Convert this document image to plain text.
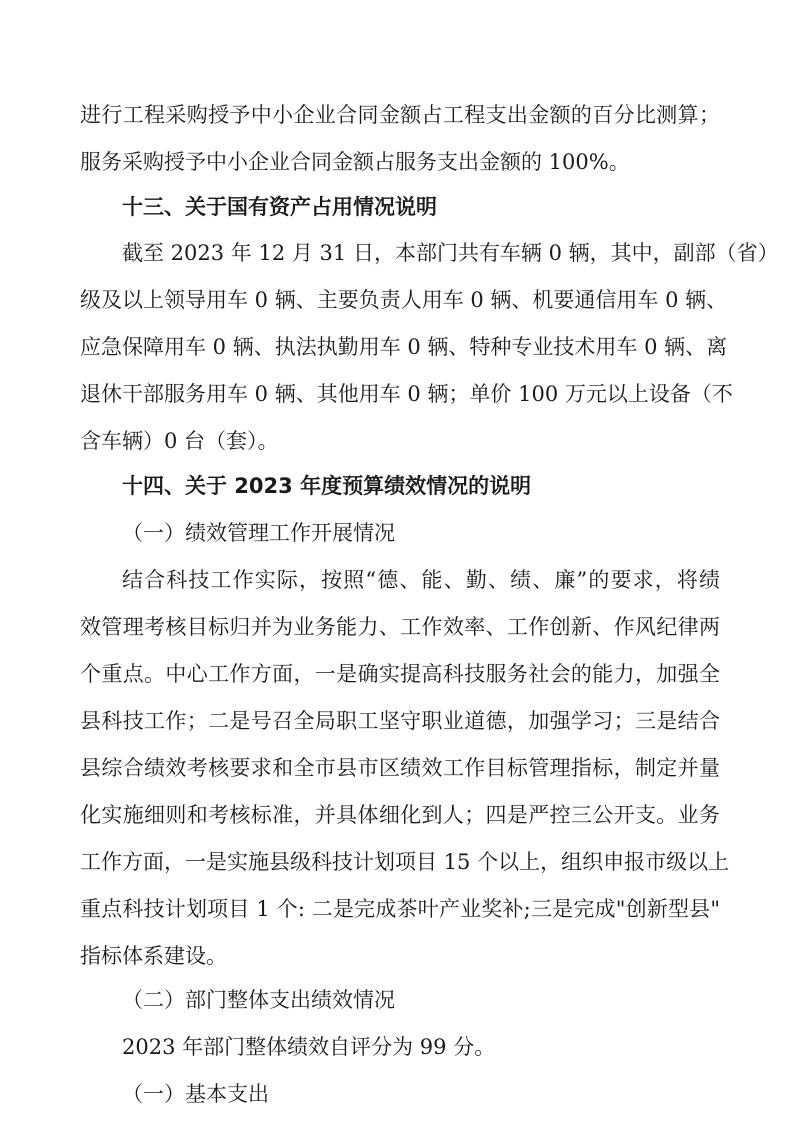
进行工程采购授予中小企业合同金额占工程支出金额的百分比测算；
服务采购授予中小企业合同金额占服务支出金额的 100%。
十三、关于国有资产占用情况说明
截至 2023 年 12 月 31 日，本部门共有车辆 0 辆，其中，副部（省）
级及以上领导用车 0 辆、主要负责人用车 0 辆、机要通信用车 0 辆、
应急保障用车 0 辆、执法执勤用车 0 辆、特种专业技术用车 0 辆、离
退休干部服务用车 0 辆、其他用车 0 辆；单价 100 万元以上设备（不
含车辆）0 台（套）。
十四、关于 2023 年度预算绩效情况的说明
（一）绩效管理工作开展情况
结合科技工作实际，按照“德、能、勤、绩、廉”的要求，将绩
效管理考核目标归并为业务能力、工作效率、工作创新、作风纪律两
个重点。中心工作方面，一是确实提高科技服务社会的能力，加强全
县科技工作；二是号召全局职工坚守职业道德，加强学习；三是结合
县综合绩效考核要求和全市县市区绩效工作目标管理指标，制定并量
化实施细则和考核标准，并具体细化到人；四是严控三公开支。业务
工作方面，一是实施县级科技计划项目 15 个以上，组织申报市级以上
重点科技计划项目 1 个: 二是完成茶叶产业奖补;三是完成"创新型县"
指标体系建设。
（二）部门整体支出绩效情况
2023 年部门整体绩效自评分为 99 分。
（一）基本支出
